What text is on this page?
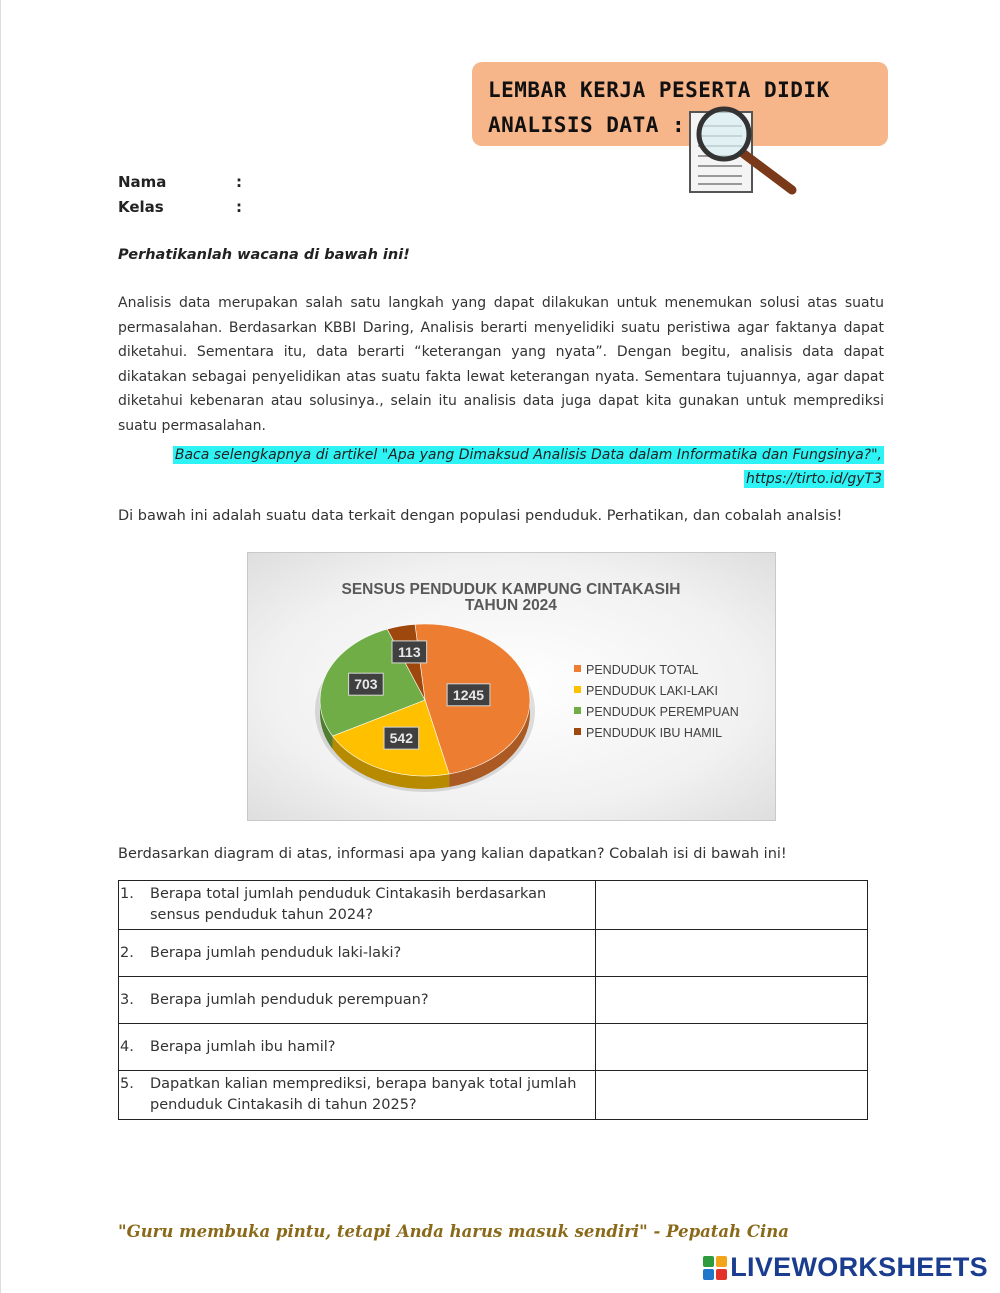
LEMBAR KERJA PESERTA DIDIK
ANALISIS DATA :
Nama	:
Kelas	:
Perhatikanlah wacana di bawah ini!

Analisis data merupakan salah satu langkah yang dapat dilakukan untuk menemukan solusi atas suatu permasalahan. Berdasarkan KBBI Daring, Analisis berarti menyelidiki suatu peristiwa agar faktanya dapat diketahui. Sementara itu, data berarti “keterangan yang nyata”. Dengan begitu, analisis data dapat dikatakan sebagai penyelidikan atas suatu fakta lewat keterangan nyata. Sementara tujuannya, agar dapat diketahui kebenaran atau solusinya., selain itu analisis data juga dapat kita gunakan untuk memprediksi suatu permasalahan.

Baca selengkapnya di artikel "Apa yang Dimaksud Analisis Data dalam Informatika dan Fungsinya?",
https://tirto.id/gyT3
Di bawah ini adalah suatu data terkait dengan populasi penduduk. Perhatikan, dan cobalah analsis!
SENSUS PENDUDUK KAMPUNG CINTAKASIH
TAHUN 2024
1245
542
703
113
PENDUDUK TOTAL
PENDUDUK LAKI-LAKI
PENDUDUK PEREMPUAN
PENDUDUK IBU HAMIL
Berdasarkan diagram di atas, informasi apa yang kalian dapatkan? Cobalah isi di bawah ini!
1. Berapa total jumlah penduduk Cintakasih berdasarkan sensus penduduk tahun 2024?	

2. Berapa jumlah penduduk laki-laki?	

3. Berapa jumlah penduduk perempuan?	

4. Berapa jumlah ibu hamil?	

5. Dapatkan kalian memprediksi, berapa banyak total jumlah penduduk Cintakasih di tahun 2025?	

"Guru membuka pintu, tetapi Anda harus masuk sendiri" - Pepatah Cina
LIVEWORKSHEETS
